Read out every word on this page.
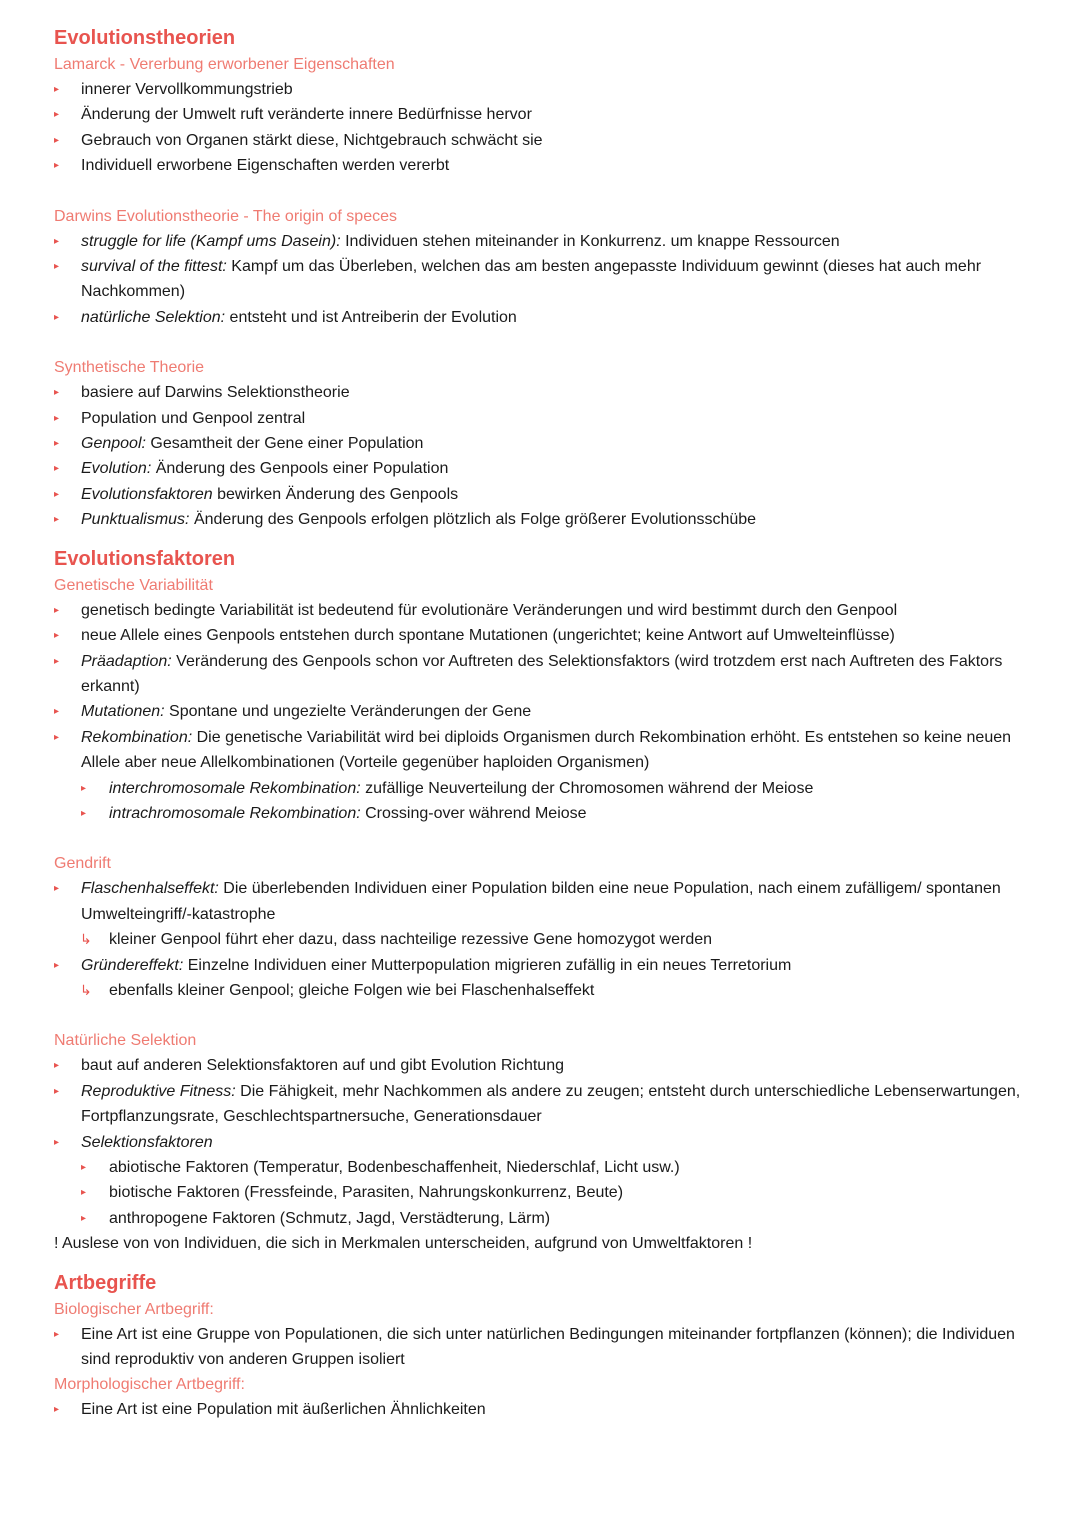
Evolutionstheorien
Lamarck - Vererbung erworbener Eigenschaften
▸ innerer Vervollkommungstrieb
▸ Änderung der Umwelt ruft veränderte innere Bedürfnisse hervor
▸ Gebrauch von Organen stärkt diese, Nichtgebrauch schwächt sie
▸ Individuell erworbene Eigenschaften werden vererbt
Darwins Evolutionstheorie - The origin of speces
▸ struggle for life (Kampf ums Dasein): Individuen stehen miteinander in Konkurrenz. um knappe Ressourcen
▸ survival of the fittest: Kampf um das Überleben, welchen das am besten angepasste Individuum gewinnt (dieses hat auch mehr Nachkommen)
▸ natürliche Selektion: entsteht und ist Antreiberin der Evolution
Synthetische Theorie
▸ basiere auf Darwins Selektionstheorie
▸ Population und Genpool zentral
▸ Genpool: Gesamtheit der Gene einer Population
▸ Evolution: Änderung des Genpools einer Population
▸ Evolutionsfaktoren bewirken Änderung des Genpools
▸ Punktualismus: Änderung des Genpools erfolgen plötzlich als Folge größerer Evolutionsschübe
Evolutionsfaktoren
Genetische Variabilität
▸ genetisch bedingte Variabilität ist bedeutend für evolutionäre Veränderungen und wird bestimmt durch den Genpool
▸ neue Allele eines Genpools entstehen durch spontane Mutationen (ungerichtet; keine Antwort auf Umwelteinflüsse)
▸ Präadaption: Veränderung des Genpools schon vor Auftreten des Selektionsfaktors (wird trotzdem erst nach Auftreten des Faktors erkannt)
▸ Mutationen: Spontane und ungezielte Veränderungen der Gene
▸ Rekombination: Die genetische Variabilität wird bei diploids Organismen durch Rekombination erhöht. Es entstehen so keine neuen Allele aber neue Allelkombinationen (Vorteile gegenüber haploiden Organismen)
▸ interchromosomale Rekombination: zufällige Neuverteilung der Chromosomen während der Meiose
▸ intrachromosomale Rekombination: Crossing-over während Meiose
Gendrift
▸ Flaschenhalseffekt: Die überlebenden Individuen einer Population bilden eine neue Population, nach einem zufälligem/ spontanen Umwelteingriff/-katastrophe
↳ kleiner Genpool führt eher dazu, dass nachteilige rezessive Gene homozygot werden
▸ Gründereffekt: Einzelne Individuen einer Mutterpopulation migrieren zufällig in ein neues Terretorium
↳ ebenfalls kleiner Genpool; gleiche Folgen wie bei Flaschenhalseffekt
Natürliche Selektion
▸ baut auf anderen Selektionsfaktoren auf und gibt Evolution Richtung
▸ Reproduktive Fitness: Die Fähigkeit, mehr Nachkommen als andere zu zeugen; entsteht durch unterschiedliche Lebenserwartungen, Fortpflanzungsrate, Geschlechtspartnersuche, Generationsdauer
▸ Selektionsfaktoren
▸ abiotische Faktoren (Temperatur, Bodenbeschaffenheit, Niederschlaf, Licht usw.)
▸ biotische Faktoren (Fressfeinde, Parasiten, Nahrungskonkurrenz, Beute)
▸ anthropogene Faktoren (Schmutz, Jagd, Verstädterung, Lärm)
! Auslese von von Individuen, die sich in Merkmalen unterscheiden, aufgrund von Umweltfaktoren !
Artbegriffe
Biologischer Artbegriff:
▸ Eine Art ist eine Gruppe von Populationen, die sich unter natürlichen Bedingungen miteinander fortpflanzen (können); die Individuen sind reproduktiv von anderen Gruppen isoliert
Morphologischer Artbegriff:
▸ Eine Art ist eine Population mit äußerlichen Ähnlichkeiten
